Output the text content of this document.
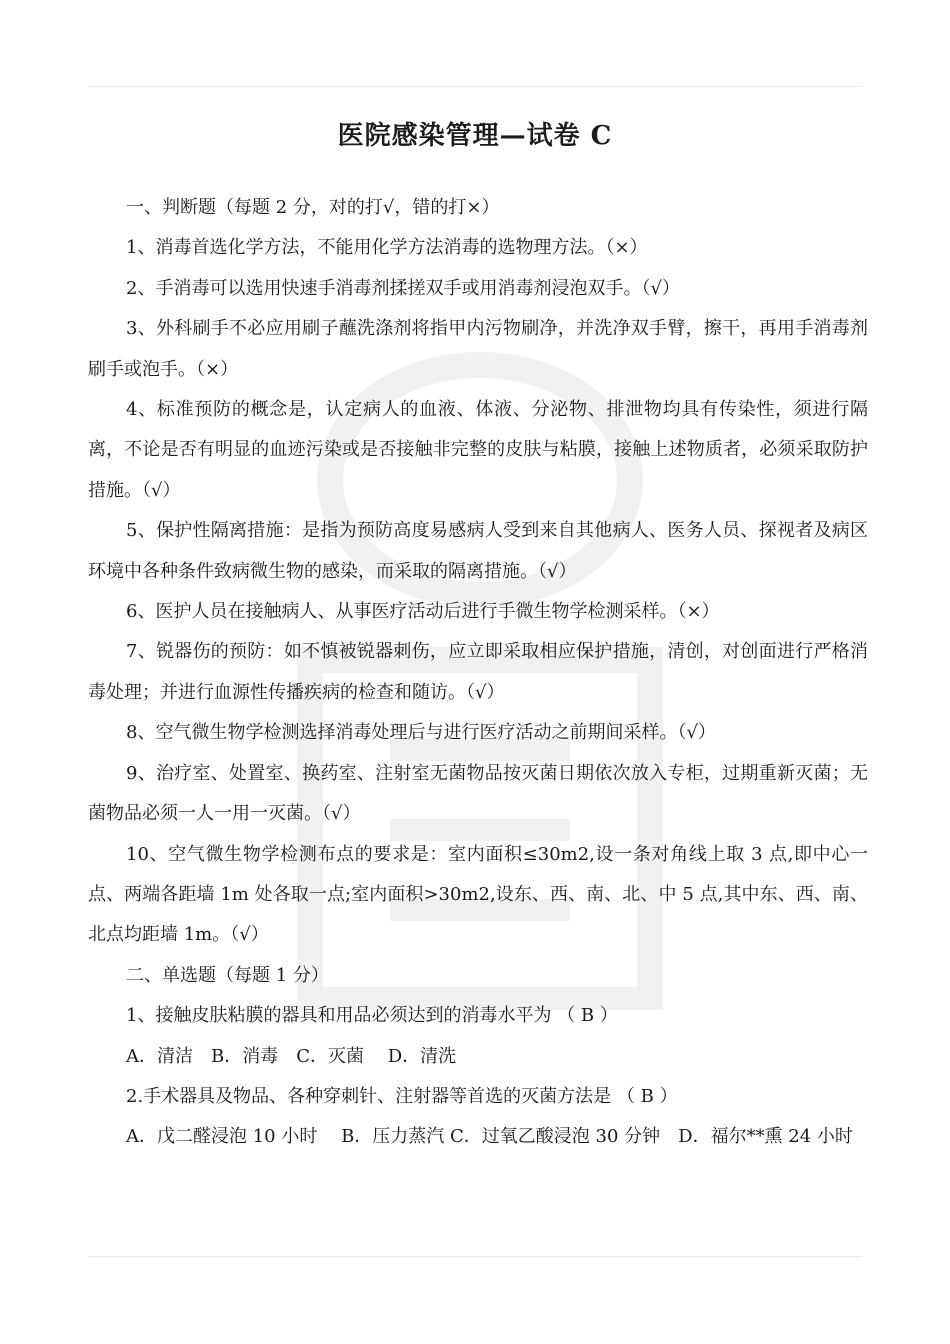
医院感染管理—试卷 C

一、判断题（每题 2 分，对的打√，错的打×）

1、消毒首选化学方法，不能用化学方法消毒的选物理方法。（×）

2、手消毒可以选用快速手消毒剂揉搓双手或用消毒剂浸泡双手。（√）

3、外科刷手不必应用刷子蘸洗涤剂将指甲内污物刷净，并洗净双手臂，擦干，再用手消毒剂刷手或泡手。（×）

4、标准预防的概念是，认定病人的血液、体液、分泌物、排泄物均具有传染性，须进行隔离，不论是否有明显的血迹污染或是否接触非完整的皮肤与粘膜，接触上述物质者，必须采取防护措施。（√）

5、保护性隔离措施：是指为预防高度易感病人受到来自其他病人、医务人员、探视者及病区环境中各种条件致病微生物的感染，而采取的隔离措施。（√）

6、医护人员在接触病人、从事医疗活动后进行手微生物学检测采样。（×）

7、锐器伤的预防：如不慎被锐器刺伤，应立即采取相应保护措施，清创，对创面进行严格消毒处理；并进行血源性传播疾病的检查和随访。（√）

8、空气微生物学检测选择消毒处理后与进行医疗活动之前期间采样。（√）

9、治疗室、处置室、换药室、注射室无菌物品按灭菌日期依次放入专柜，过期重新灭菌；无菌物品必须一人一用一灭菌。（√）

10、空气微生物学检测布点的要求是：室内面积≤30m2,设一条对角线上取 3 点,即中心一点、两端各距墙 1m 处各取一点;室内面积>30m2,设东、西、南、北、中 5 点,其中东、西、南、北点均距墙 1m。（√）

二、单选题（每题 1 分）

1、接触皮肤粘膜的器具和用品必须达到的消毒水平为 （ B ）

A．清洁　B．消毒　C．灭菌　 D．清洗

2.手术器具及物品、各种穿刺针、注射器等首选的灭菌方法是 （ B ）

A．戊二醛浸泡 10 小时　 B．压力蒸汽 C．过氧乙酸浸泡 30 分钟　D．福尔**熏 24 小时
